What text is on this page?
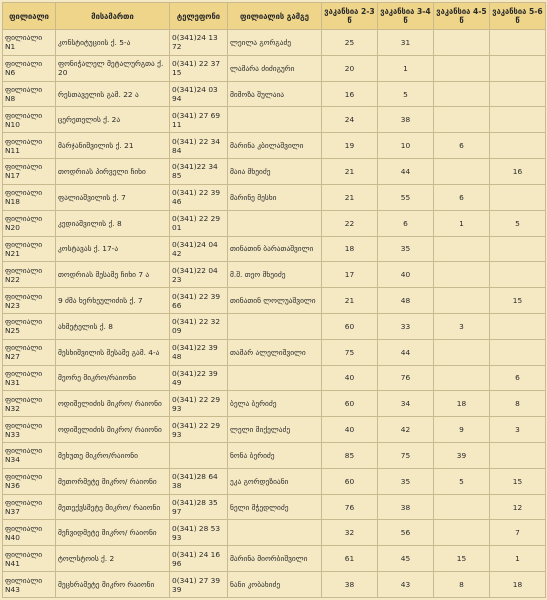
ფილიალი	მისამართი	ტელეფონი	ფილიალის გამგე	ვაკანსია 2-3 წ	ვაკანსია 3-4 წ	ვაკანსია 4-5 წ	ვაკანსია 5-6 წ
ფილიალი N1	კონსტიტუციის ქ. 5-ა	0(341)24 13 72	ლეილა გორგაძე	25	31		
ფილიალი N6	ფონიჭალელ მეტალურგთა ქ. 20	0(341) 22 37 15	ლამარა ძიძიგური	20	1		
ფილიალი N8	რესთაველის გამ. 22 ა	0(341)24 03 94	მიმოზა შულაია	16	5		
ფილიალი N10	ცერეთელის ქ. 2ა	0(341) 27 69 11		24	38		
ფილიალი N11	მარჯანიშვილის ქ. 21	0(341) 22 34 84	მარინა კბილაშვილი	19	10	6	
ფილიალი N17	თოდრიას პირველი ჩიხი	0(341)22 34 85	მაია მხეიძე	21	44		16
ფილიალი N18	ფალიაშვილის ქ. 7	0(341) 22 39 46	მარინე მესხი	21	55	6	
ფილიალი N20	კედიაშვილის ქ. 8	0(341) 22 29 01		22	6	1	5
ფილიალი N21	კოსტავას ქ. 17-ა	0(341)24 04 42	თინათინ ბარათაშვილი	18	35		
ფილიალი N22	თოდრიას მესამე ჩიხი 7 ა	0(341)22 04 23	მ.შ. თეო მხეიძე	17	40		
ფილიალი N23	9 ძმა ხერხეულიძის ქ. 7	0(341) 22 39 66	თინათინ ლოლუაშვილი	21	48		15
ფილიალი N25	ახმეტელის ქ. 8	0(341) 22 32 09		60	33	3	
ფილიალი N27	მესხიშვილის მესამე გამ. 4-ა	0(341)22 39 48	თამარ ალელიშვილი	75	44		
ფილიალი N31	მეორე მიკრო/რაიონი	0(341)22 39 49		40	76		6
ფილიალი N32	ოდიშელიძის მიკრო/ რაიონი	0(341) 22 29 93	ბელა ბერიძე	60	34	18	8
ფილიალი N33	ოდიშელიძის მიკრო/ რაიონი	0(341) 22 29 93	ლელი მიქელაძე	40	42	9	3
ფილიალი N34	მეხუთე მიკრო/რაიონი		ნონა ბერიძე	85	75	39	
ფილიალი N36	მეთორმეტე მიკრო/ რაიონი	0(341)28 64 38	ეკა გორდეზიანი	60	35	5	15
ფილიალი N37	მეთექვსმეტე მიკრო/ რაიონი	0(341)28 35 97	ნელი მჭედლიძე	76	38		12
ფილიალი N40	მეჩვიდმეტე მიკრო/ რაიონი	0(341) 28 53 93		32	56		7
ფილიალი N41	ტოლსტოის ქ. 2	0(341) 24 16 96	მარინა მიორბიშვილი	61	45	15	1
ფილიალი N43	მეცხრამეტე მიკრო რაიონი	0(341) 27 39 39	ნანი კობახიძე	38	43	8	18
